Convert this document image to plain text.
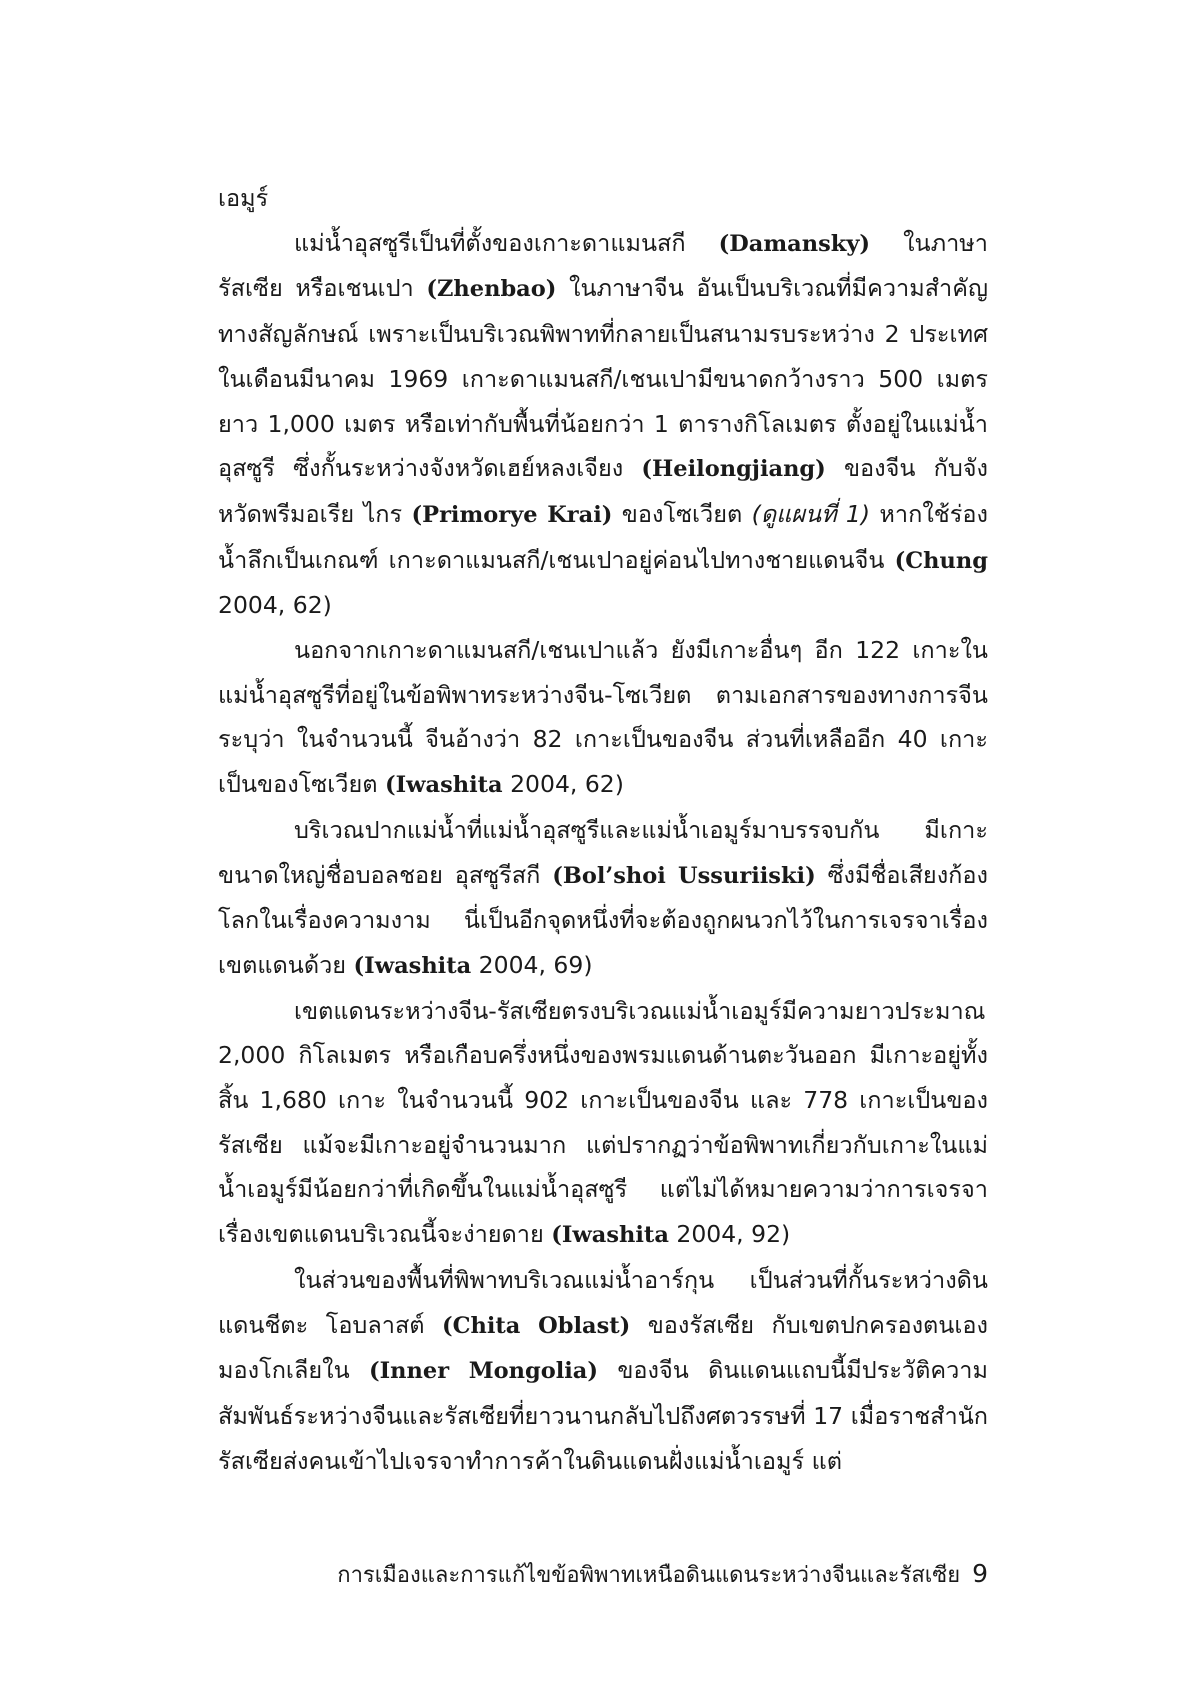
เอมูร์

แม่น้ำอุสซูรีเป็นที่ตั้งของเกาะดาแมนสกี (Damansky) ในภาษารัสเซีย หรือเชนเปา (Zhenbao) ในภาษาจีน อันเป็นบริเวณที่มีความสำคัญทางสัญลักษณ์ เพราะเป็นบริเวณพิพาทที่กลายเป็นสนามรบระหว่าง 2 ประเทศในเดือนมีนาคม 1969 เกาะดาแมนสกี/เชนเปามีขนาดกว้างราว 500 เมตร ยาว 1,000 เมตร หรือเท่ากับพื้นที่น้อยกว่า 1 ตารางกิโลเมตร ตั้งอยู่ในแม่น้ำอุสซูรี ซึ่งกั้นระหว่างจังหวัดเฮย์หลงเจียง (Heilongjiang) ของจีน กับจังหวัดพรีมอเรีย ไกร (Primorye Krai) ของโซเวียต (ดูแผนที่ 1) หากใช้ร่องน้ำลึกเป็นเกณฑ์ เกาะดาแมนสกี/เชนเปาอยู่ค่อนไปทางชายแดนจีน (Chung 2004, 62)

นอกจากเกาะดาแมนสกี/เชนเปาแล้ว ยังมีเกาะอื่นๆ อีก 122 เกาะในแม่น้ำอุสซูรีที่อยู่ในข้อพิพาทระหว่างจีน-โซเวียต ตามเอกสารของทางการจีนระบุว่า ในจำนวนนี้ จีนอ้างว่า 82 เกาะเป็นของจีน ส่วนที่เหลืออีก 40 เกาะเป็นของโซเวียต (Iwashita 2004, 62)

บริเวณปากแม่น้ำที่แม่น้ำอุสซูรีและแม่น้ำเอมูร์มาบรรจบกัน มีเกาะขนาดใหญ่ชื่อบอลชอย อุสซูรีสกี (Bol’shoi Ussuriiski) ซึ่งมีชื่อเสียงก้องโลกในเรื่องความงาม นี่เป็นอีกจุดหนึ่งที่จะต้องถูกผนวกไว้ในการเจรจาเรื่องเขตแดนด้วย (Iwashita 2004, 69)

เขตแดนระหว่างจีน-รัสเซียตรงบริเวณแม่น้ำเอมูร์มีความยาวประมาณ 2,000 กิโลเมตร หรือเกือบครึ่งหนึ่งของพรมแดนด้านตะวันออก มีเกาะอยู่ทั้งสิ้น 1,680 เกาะ ในจำนวนนี้ 902 เกาะเป็นของจีน และ 778 เกาะเป็นของรัสเซีย แม้จะมีเกาะอยู่จำนวนมาก แต่ปรากฏว่าข้อพิพาทเกี่ยวกับเกาะในแม่น้ำเอมูร์มีน้อยกว่าที่เกิดขึ้นในแม่น้ำอุสซูรี แต่ไม่ได้หมายความว่าการเจรจาเรื่องเขตแดนบริเวณนี้จะง่ายดาย (Iwashita 2004, 92)

ในส่วนของพื้นที่พิพาทบริเวณแม่น้ำอาร์กุน เป็นส่วนที่กั้นระหว่างดินแดนชีตะ โอบลาสต์ (Chita Oblast) ของรัสเซีย กับเขตปกครองตนเองมองโกเลียใน (Inner Mongolia) ของจีน ดินแดนแถบนี้มีประวัติความสัมพันธ์ระหว่างจีนและรัสเซียที่ยาวนานกลับไปถึงศตวรรษที่ 17 เมื่อราชสำนักรัสเซียส่งคนเข้าไปเจรจาทำการค้าในดินแดนฝั่งแม่น้ำเอมูร์ แต่

การเมืองและการแก้ไขข้อพิพาทเหนือดินแดนระหว่างจีนและรัสเซีย 9
